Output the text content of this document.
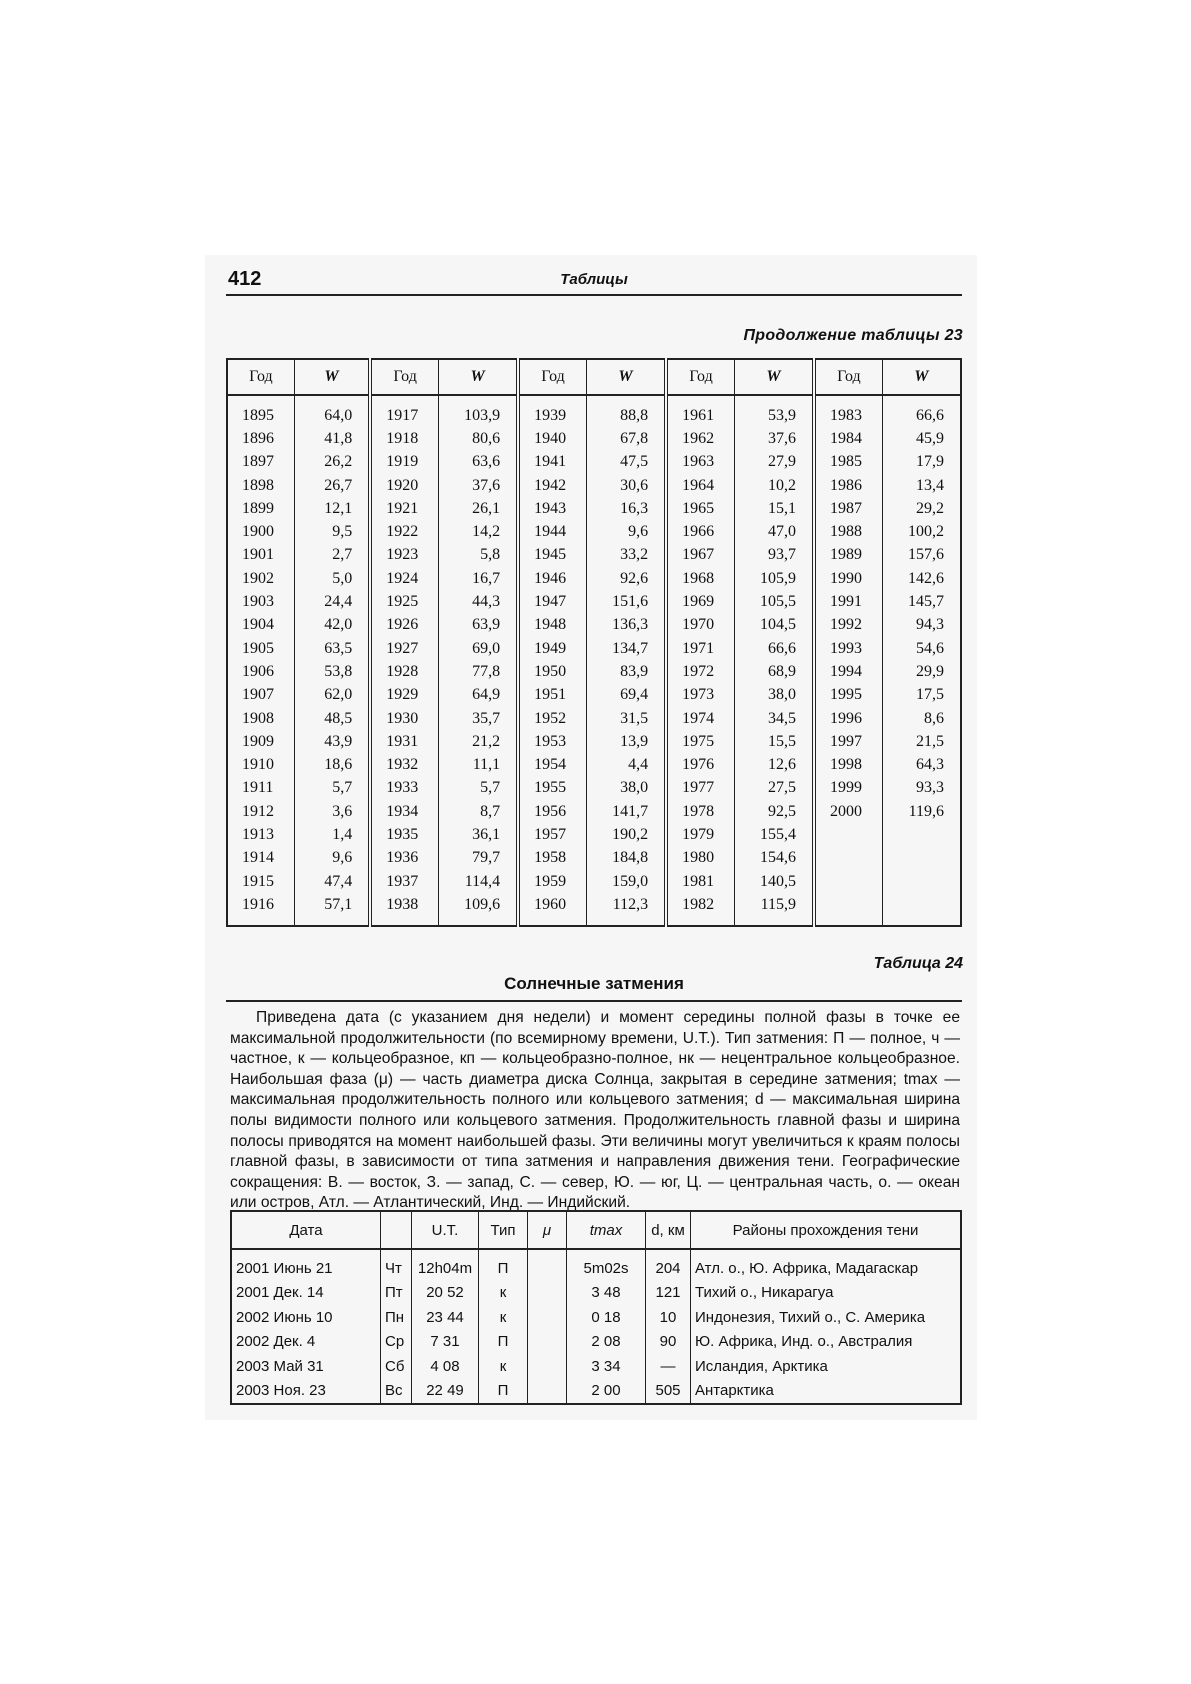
412	Таблицы
Продолжение таблицы 23
Год	W	Год	W	Год	W	Год	W	Год	W
1895	64,0	1917	103,9	1939	88,8	1961	53,9	1983	66,6
1896	41,8	1918	80,6	1940	67,8	1962	37,6	1984	45,9
1897	26,2	1919	63,6	1941	47,5	1963	27,9	1985	17,9
1898	26,7	1920	37,6	1942	30,6	1964	10,2	1986	13,4
1899	12,1	1921	26,1	1943	16,3	1965	15,1	1987	29,2
1900	9,5	1922	14,2	1944	9,6	1966	47,0	1988	100,2
1901	2,7	1923	5,8	1945	33,2	1967	93,7	1989	157,6
1902	5,0	1924	16,7	1946	92,6	1968	105,9	1990	142,6
1903	24,4	1925	44,3	1947	151,6	1969	105,5	1991	145,7
1904	42,0	1926	63,9	1948	136,3	1970	104,5	1992	94,3
1905	63,5	1927	69,0	1949	134,7	1971	66,6	1993	54,6
1906	53,8	1928	77,8	1950	83,9	1972	68,9	1994	29,9
1907	62,0	1929	64,9	1951	69,4	1973	38,0	1995	17,5
1908	48,5	1930	35,7	1952	31,5	1974	34,5	1996	8,6
1909	43,9	1931	21,2	1953	13,9	1975	15,5	1997	21,5
1910	18,6	1932	11,1	1954	4,4	1976	12,6	1998	64,3
1911	5,7	1933	5,7	1955	38,0	1977	27,5	1999	93,3
1912	3,6	1934	8,7	1956	141,7	1978	92,5	2000	119,6
1913	1,4	1935	36,1	1957	190,2	1979	155,4		
1914	9,6	1936	79,7	1958	184,8	1980	154,6		
1915	47,4	1937	114,4	1959	159,0	1981	140,5		
1916	57,1	1938	109,6	1960	112,3	1982	115,9		
Таблица 24
Солнечные затмения
Приведена дата (с указанием дня недели) и момент середины полной фазы в точке ее максимальной продолжительности (по всемирному времени, U.T.). Тип затмения: П — полное, ч — частное, к — кольцеобразное, кп — кольцеобразно-полное, нк — нецентральное кольцеобразное. Наибольшая фаза (μ) — часть диаметра диска Солнца, закрытая в середине затмения; tmax — максимальная продолжительность полного или кольцевого затмения; d — максимальная ширина полы видимости полного или кольцевого затмения. Продолжительность главной фазы и ширина полосы приводятся на момент наибольшей фазы. Эти величины могут увеличиться к краям полосы главной фазы, в зависимости от типа затмения и направления движения тени. Географические сокращения: В. — восток, З. — запад, С. — север, Ю. — юг, Ц. — центральная часть, о. — океан или остров, Атл. — Атлантический, Инд. — Индийский.
Дата		U.T.	Тип	μ	tmax	d, км	Районы прохождения тени
2001 Июнь 21	Чт	12h04m	П		5m02s	204	Атл. о., Ю. Африка, Мадагаскар
2001 Дек. 14	Пт	20 52	к		3 48	121	Тихий о., Никарагуа
2002 Июнь 10	Пн	23 44	к		0 18	10	Индонезия, Тихий о., С. Америка
2002 Дек. 4	Ср	7 31	П		2 08	90	Ю. Африка, Инд. о., Австралия
2003 Май 31	Сб	4 08	к		3 34	—	Исландия, Арктика
2003 Ноя. 23	Вс	22 49	П		2 00	505	Антарктика
